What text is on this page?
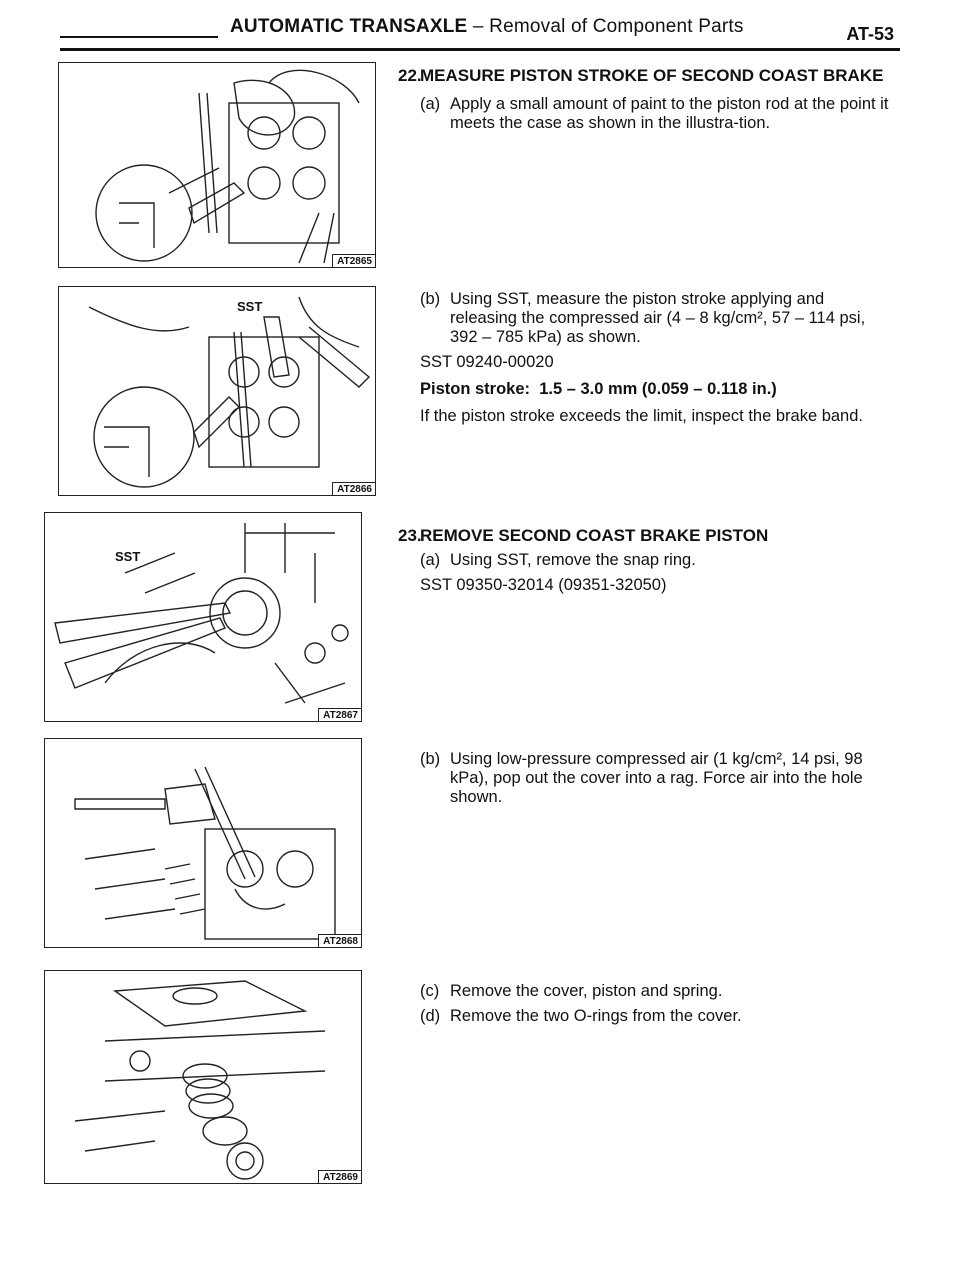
AUTOMATIC TRANSAXLE – Removal of Component Parts	AT-53
AT2865
SST
AT2866
SST
AT2867
AT2868
AT2869
22.
MEASURE PISTON STROKE OF SECOND COAST BRAKE
(a) Apply a small amount of paint to the piston rod at the point it meets the case as shown in the illustra-tion.

(b) Using SST, measure the piston stroke applying and releasing the compressed air (4 – 8 kg/cm², 57 – 114 psi, 392 – 785 kPa) as shown.

SST 09240-00020

Piston stroke: 1.5 – 3.0 mm (0.059 – 0.118 in.)

If the piston stroke exceeds the limit, inspect the brake band.

23.
REMOVE SECOND COAST BRAKE PISTON
(a) Using SST, remove the snap ring.

SST 09350-32014 (09351-32050)

(b) Using low-pressure compressed air (1 kg/cm², 14 psi, 98 kPa), pop out the cover into a rag. Force air into the hole shown.

(c) Remove the cover, piston and spring.

(d) Remove the two O-rings from the cover.
